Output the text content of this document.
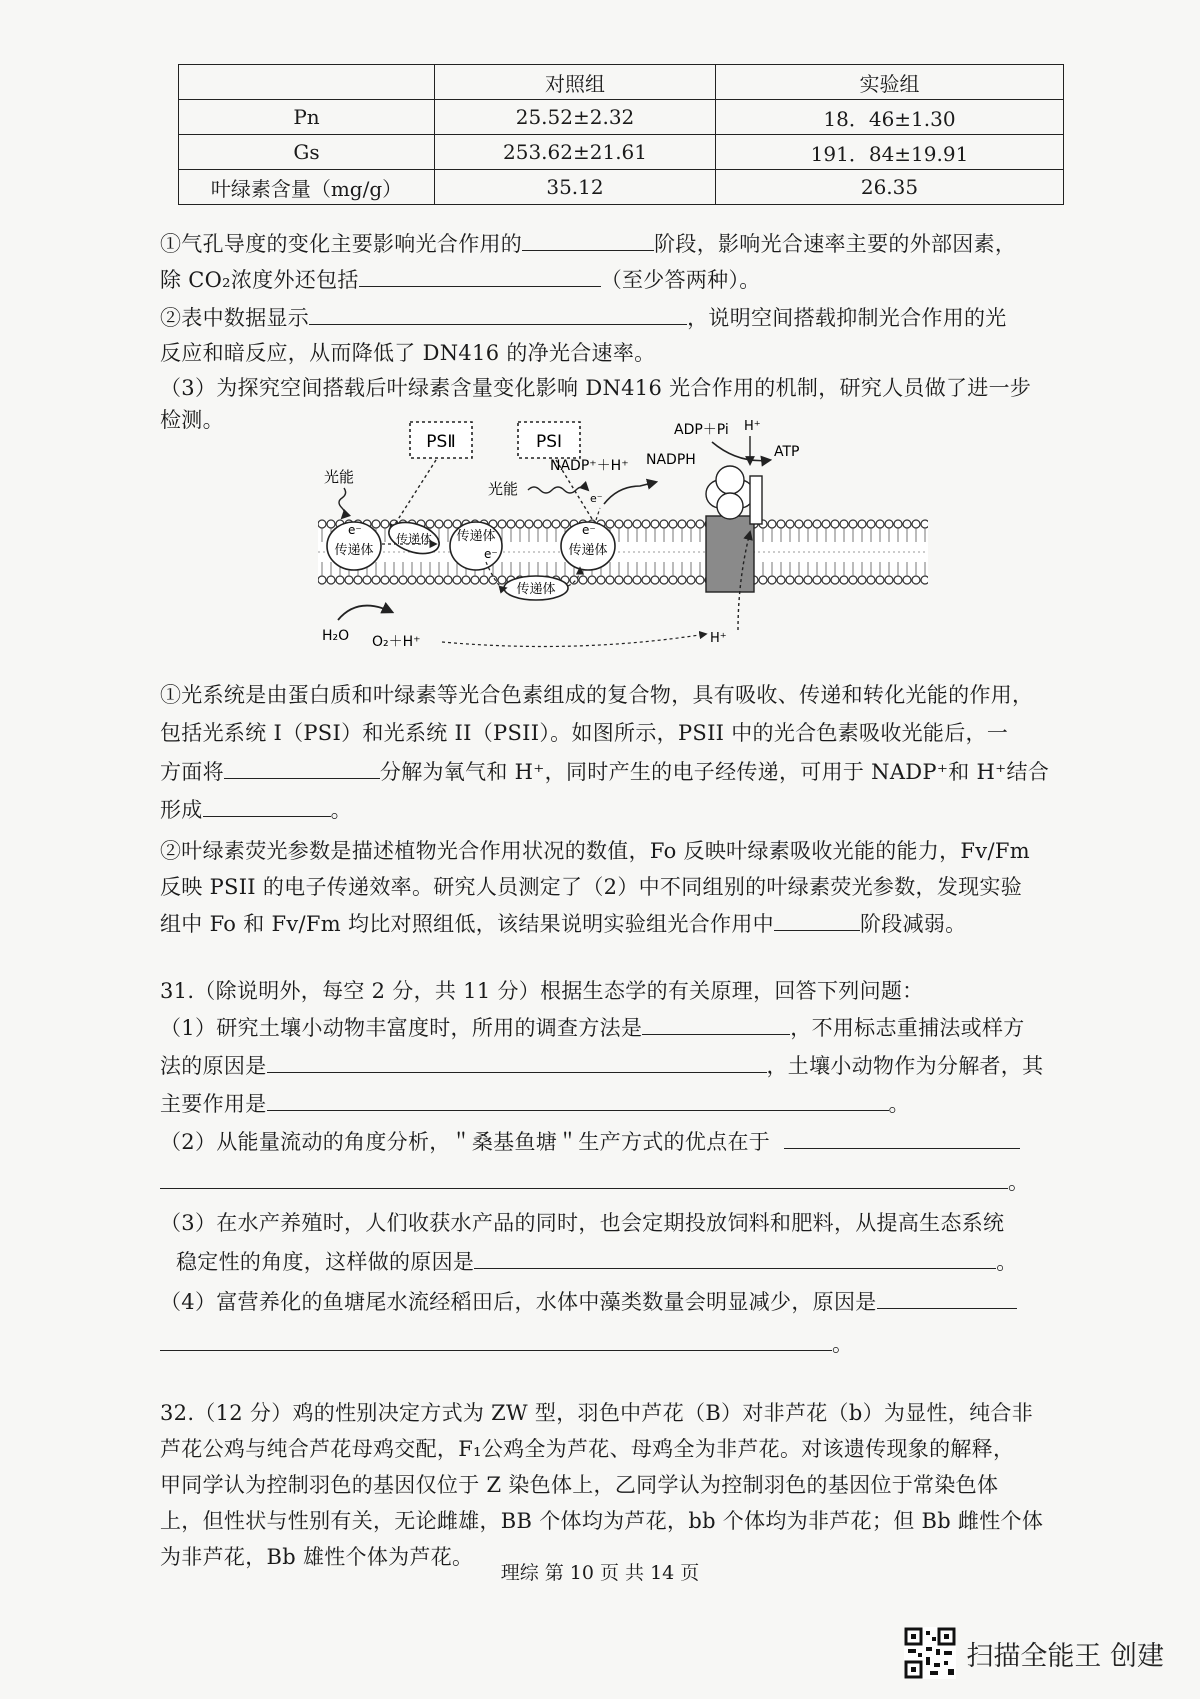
	对照组	实验组
Pn	25.52±2.32	18．46±1.30
Gs	253.62±21.61	191．84±19.91
叶绿素含量（mg/g）	35.12	26.35
①气孔导度的变化主要影响光合作用的	阶段，影响光合速率主要的外部因素，
除 CO₂浓度外还包括	（至少答两种）。
②表中数据显示	，说明空间搭载抑制光合作用的光
反应和暗反应，从而降低了 DN416 的净光合速率。
（3）为探究空间搭载后叶绿素含量变化影响 DN416 光合作用的机制，研究人员做了进一步
检测。
PSⅡ	PSⅠ
光能
光能
e⁻
传递体
传递体 传递体
e⁻
e⁻
传递体
传递体
NADP⁺＋H⁺ NADPH
e⁻
ADP＋Pi
ATP
H⁺
H⁺
H₂O O₂＋H⁺
①光系统是由蛋白质和叶绿素等光合色素组成的复合物，具有吸收、传递和转化光能的作用，
包括光系统 I（PSI）和光系统 II（PSII）。如图所示，PSII 中的光合色素吸收光能后，一
方面将	分解为氧气和 H⁺，同时产生的电子经传递，可用于 NADP⁺和 H⁺结合
形成	。
②叶绿素荧光参数是描述植物光合作用状况的数值，Fo 反映叶绿素吸收光能的能力，Fv/Fm
反映 PSII 的电子传递效率。研究人员测定了（2）中不同组别的叶绿素荧光参数，发现实验
组中 Fo 和 Fv/Fm 均比对照组低，该结果说明实验组光合作用中	阶段减弱。
31.（除说明外，每空 2 分，共 11 分）根据生态学的有关原理，回答下列问题：
（1）研究土壤小动物丰富度时，所用的调查方法是	，不用标志重捕法或样方
法的原因是	，土壤小动物作为分解者，其
主要作用是	。
（2）从能量流动的角度分析，＂桑基鱼塘＂生产方式的优点在于
。
（3）在水产养殖时，人们收获水产品的同时，也会定期投放饲料和肥料，从提高生态系统
稳定性的角度，这样做的原因是	。
（4）富营养化的鱼塘尾水流经稻田后，水体中藻类数量会明显减少，原因是
。
32.（12 分）鸡的性别决定方式为 ZW 型，羽色中芦花（B）对非芦花（b）为显性，纯合非
芦花公鸡与纯合芦花母鸡交配，F₁公鸡全为芦花、母鸡全为非芦花。对该遗传现象的解释，
甲同学认为控制羽色的基因仅位于 Z 染色体上，乙同学认为控制羽色的基因位于常染色体
上，但性状与性别有关，无论雌雄，BB 个体均为芦花，bb 个体均为非芦花；但 Bb 雌性个体
为非芦花，Bb 雄性个体为芦花。
理综 第 10 页 共 14 页
扫描全能王 创建
